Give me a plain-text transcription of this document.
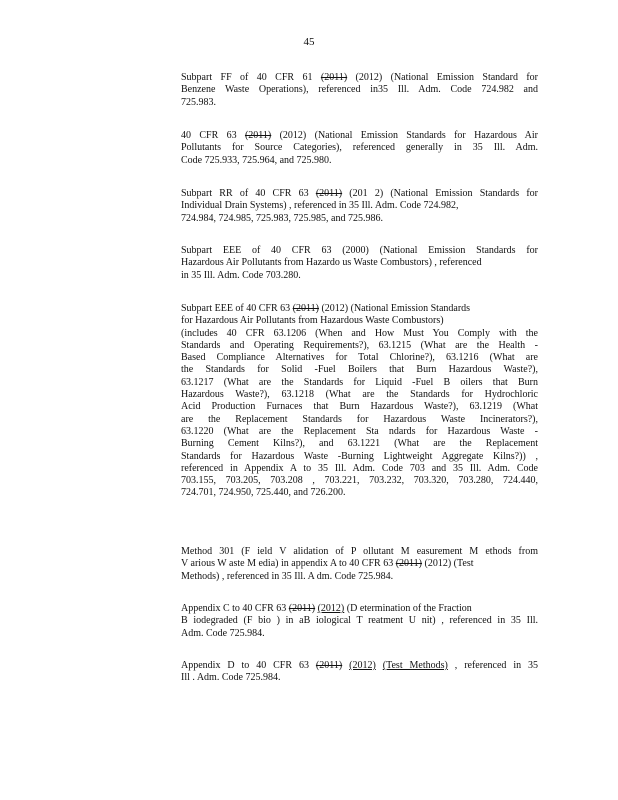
45
Subpart FF of 40 CFR 61 (2011) (2012) (National Emission Standard for
Benzene Waste Operations), referenced in35 Ill. Adm. Code 724.982 and
725.983.
40 CFR 63 (2011) (2012) (National Emission Standards for Hazardous Air
Pollutants for Source Categories), referenced generally in 35 Ill. Adm.
Code 725.933, 725.964, and 725.980.
Subpart RR of 40 CFR 63 (2011) (201 2) (National Emission Standards for
Individual Drain Systems) , referenced in 35 Ill. Adm. Code 724.982,
724.984, 724.985, 725.983, 725.985, and 725.986.
Subpart EEE of 40 CFR 63 (2000) (National Emission Standards for
Hazardous Air Pollutants from Hazardo us Waste Combustors) , referenced
in 35 Ill. Adm. Code 703.280.
Subpart EEE of 40 CFR 63 (2011) (2012) (National Emission Standards
for Hazardous Air Pollutants from Hazardous Waste Combustors)
(includes 40 CFR 63.1206 (When and How Must You Comply with the
Standards and Operating Requirements?), 63.1215 (What are the Health -
Based Compliance Alternatives for Total Chlorine?), 63.1216 (What are
the Standards for Solid -Fuel Boilers that Burn Hazardous Waste?),
63.1217 (What are the Standards for Liquid -Fuel B oilers that Burn
Hazardous Waste?), 63.1218 (What are the Standards for Hydrochloric
Acid Production Furnaces that Burn Hazardous Waste?), 63.1219 (What
are the Replacement Standards for Hazardous Waste Incinerators?),
63.1220 (What are the Replacement Sta ndards for Hazardous Waste -
Burning Cement Kilns?), and 63.1221 (What are the Replacement
Standards for Hazardous Waste -Burning Lightweight Aggregate Kilns?)) ,
referenced in Appendix A to 35 Ill. Adm. Code 703 and 35 Ill. Adm. Code
703.155, 703.205, 703.208 , 703.221, 703.232, 703.320, 703.280, 724.440,
724.701, 724.950, 725.440, and 726.200.
Method 301 (F ield V alidation of P ollutant M easurement M ethods from
V arious W aste M edia) in appendix A to 40 CFR 63 (2011) (2012) (Test
Methods) , referenced in 35 Ill. A dm. Code 725.984.
Appendix C to 40 CFR 63 (2011) (2012) (D etermination of the Fraction
B iodegraded (F bio ) in aB iological T reatment U nit) , referenced in 35 Ill.
Adm. Code 725.984.
Appendix D to 40 CFR 63 (2011) (2012) (Test Methods) , referenced in 35
Ill . Adm. Code 725.984.
